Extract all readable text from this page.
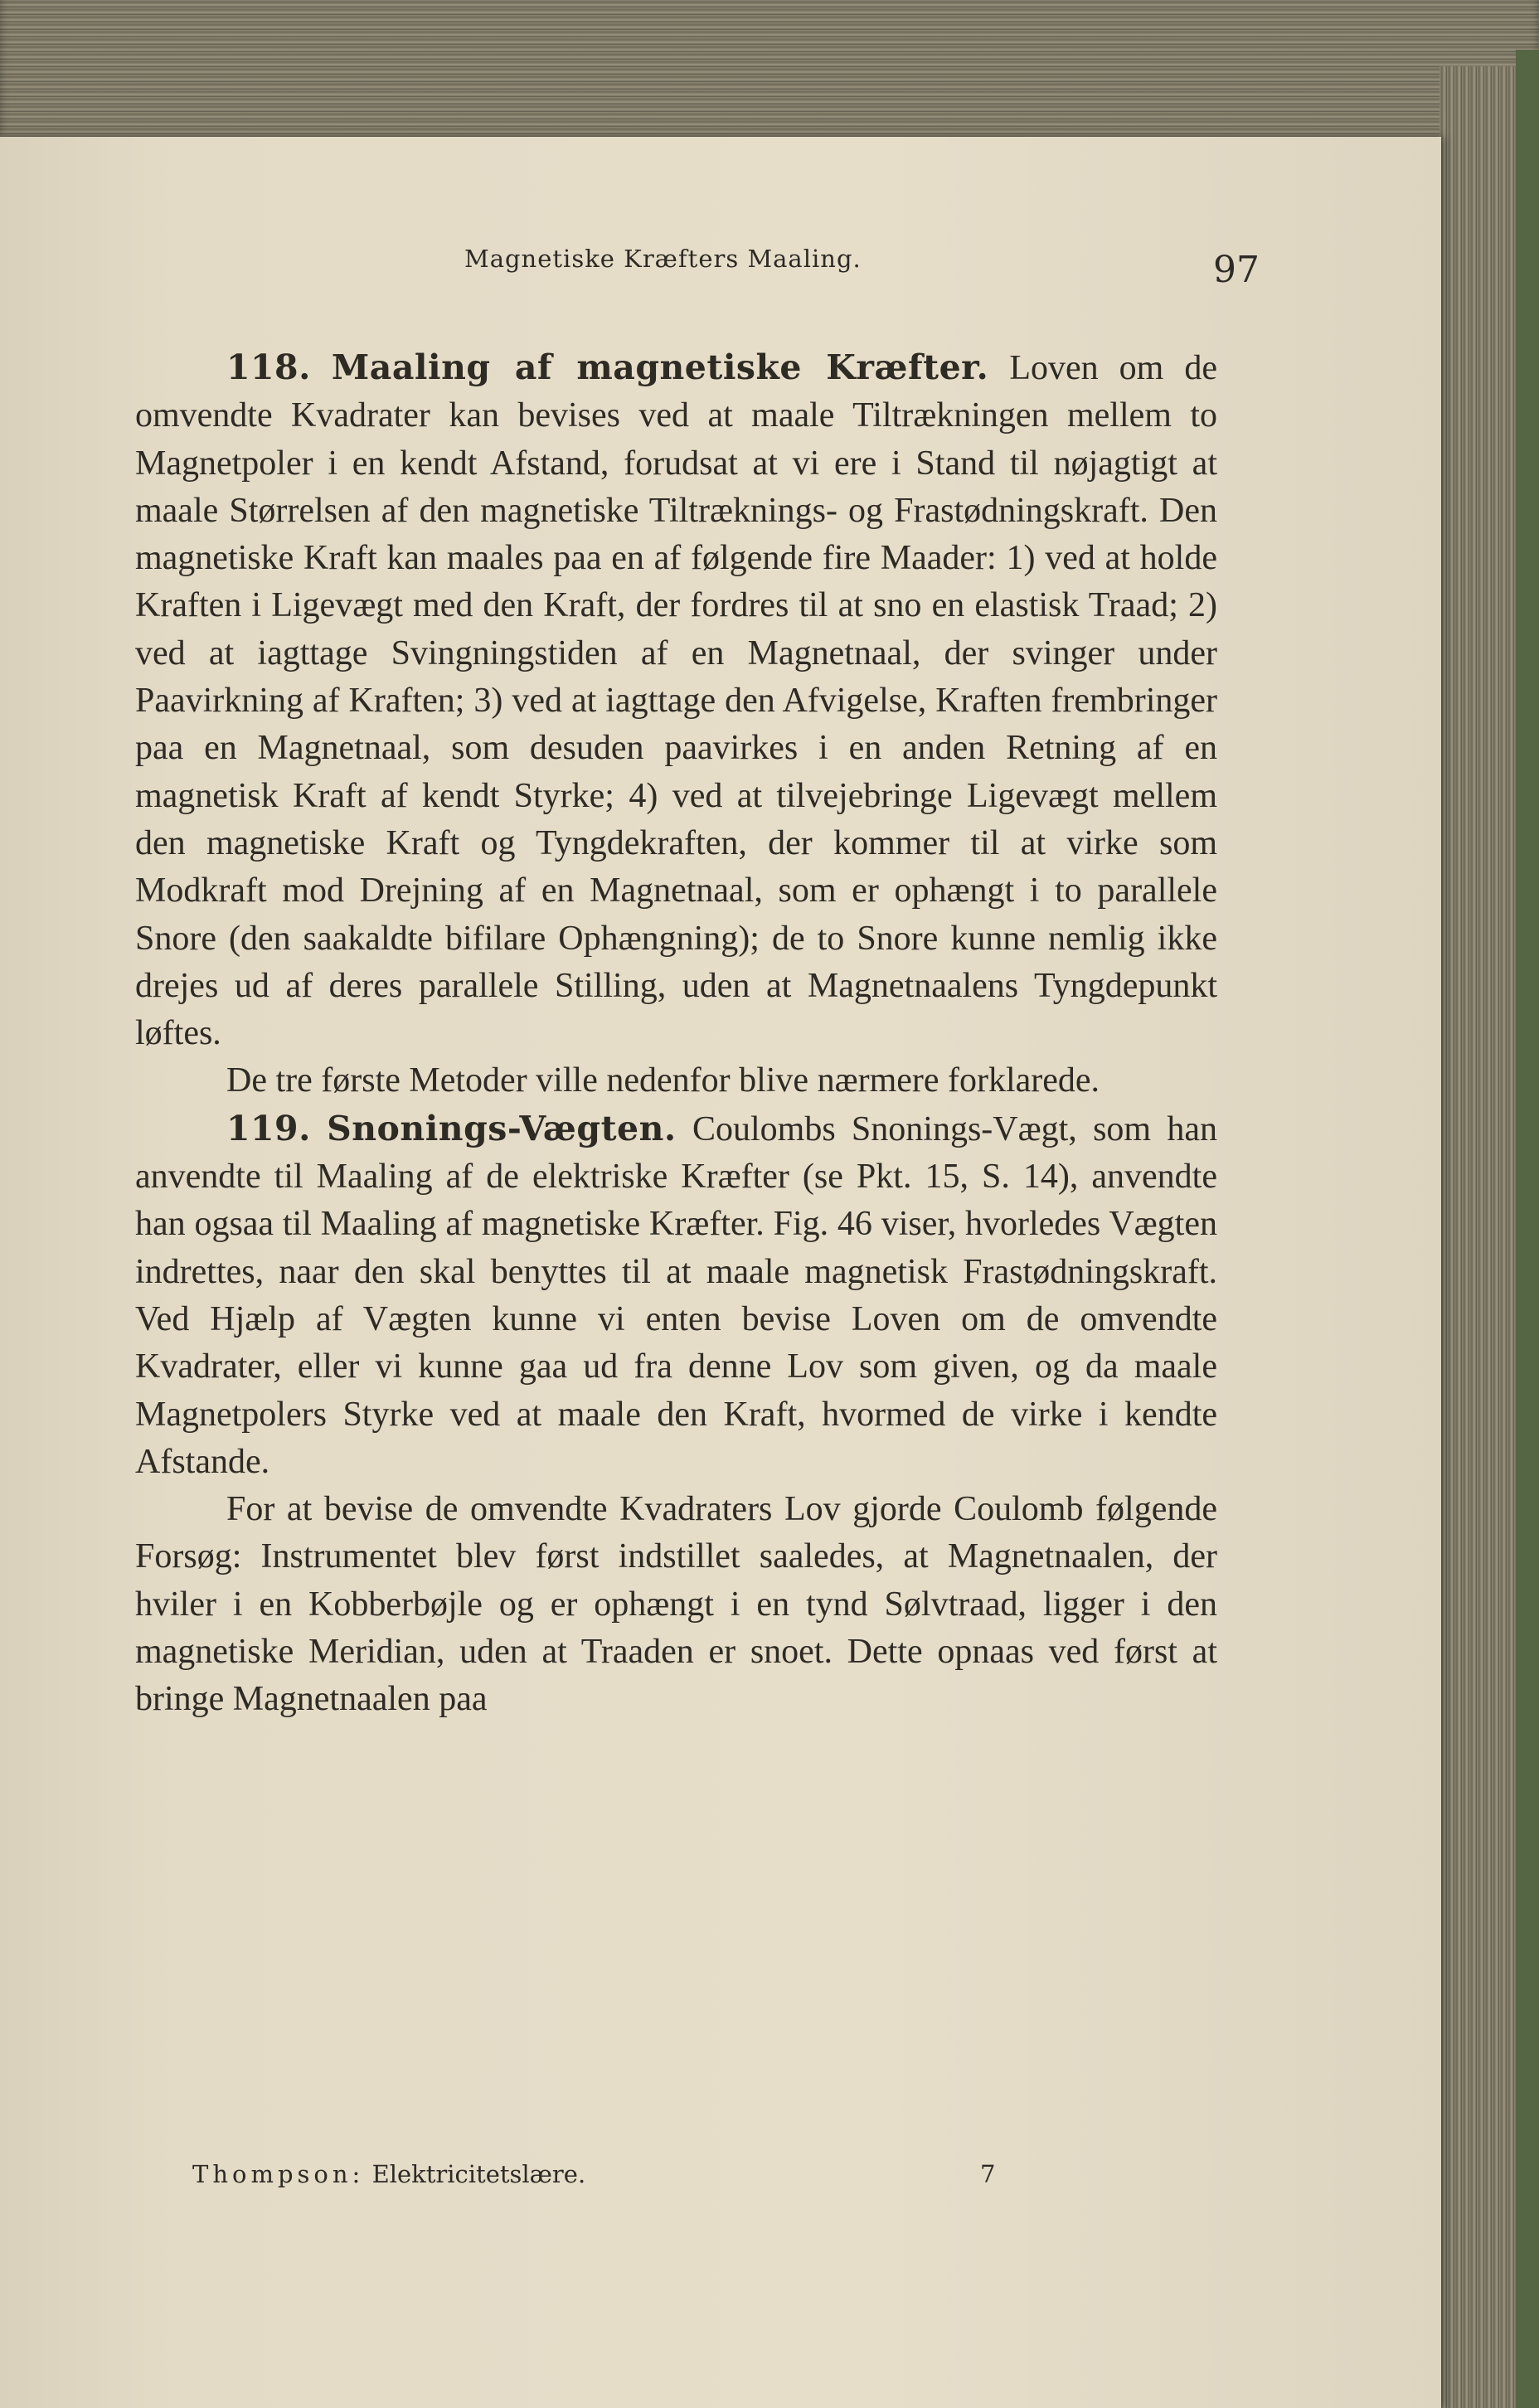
Magnetiske Kræfters Maaling.	97

118. Maaling af magnetiske Kræfter. Loven om de omvendte Kvadrater kan bevises ved at maale Tiltrækningen mellem to Magnetpoler i en kendt Afstand, forudsat at vi ere i Stand til nøjagtigt at maale Størrelsen af den magnetiske Tiltræknings- og Frastødningskraft. Den magnetiske Kraft kan maales paa en af følgende fire Maader: 1) ved at holde Kraften i Ligevægt med den Kraft, der fordres til at sno en elastisk Traad; 2) ved at iagttage Svingningstiden af en Magnetnaal, der svinger under Paavirkning af Kraften; 3) ved at iagttage den Afvigelse, Kraften frembringer paa en Magnetnaal, som desuden paavirkes i en anden Retning af en magnetisk Kraft af kendt Styrke; 4) ved at tilvejebringe Ligevægt mellem den magnetiske Kraft og Tyngdekraften, der kommer til at virke som Modkraft mod Drejning af en Magnetnaal, som er ophængt i to parallele Snore (den saakaldte bifilare Ophængning); de to Snore kunne nemlig ikke drejes ud af deres parallele Stilling, uden at Magnetnaalens Tyngdepunkt løftes.

De tre første Metoder ville nedenfor blive nærmere forklarede.

119. Snonings-Vægten. Coulombs Snonings-Vægt, som han anvendte til Maaling af de elektriske Kræfter (se Pkt. 15, S. 14), anvendte han ogsaa til Maaling af magnetiske Kræfter. Fig. 46 viser, hvorledes Vægten indrettes, naar den skal benyttes til at maale magnetisk Frastødningskraft. Ved Hjælp af Vægten kunne vi enten bevise Loven om de omvendte Kvadrater, eller vi kunne gaa ud fra denne Lov som given, og da maale Magnetpolers Styrke ved at maale den Kraft, hvormed de virke i kendte Afstande.

For at bevise de omvendte Kvadraters Lov gjorde Coulomb følgende Forsøg: Instrumentet blev først indstillet saaledes, at Magnetnaalen, der hviler i en Kobberbøjle og er ophængt i en tynd Sølvtraad, ligger i den magnetiske Meridian, uden at Traaden er snoet. Dette opnaas ved først at bringe Magnetnaalen paa

Thompson: Elektricitetslære.	7
